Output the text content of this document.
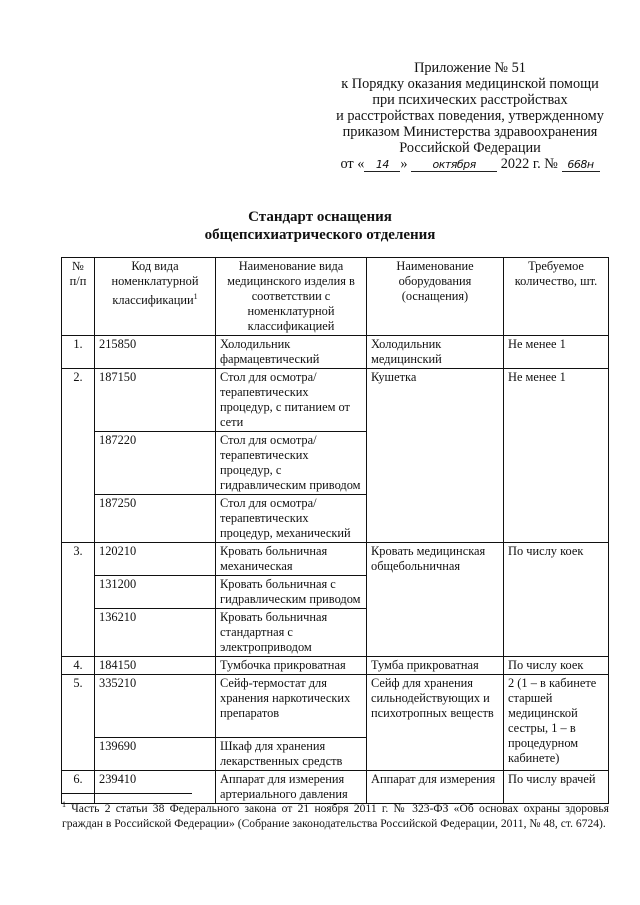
Приложение № 51
к Порядку оказания медицинской помощи
при психических расстройствах
и расстройствах поведения, утвержденному
приказом Министерства здравоохранения
Российской Федерации
от « 14 » октября 2022 г. № 668н
Стандарт оснащения
общепсихиатрического отделения
№ п/п	Код вида номенклатурной классификации$^1$	Наименование вида медицинского изделия в соответствии с номенклатурной классификацией	Наименование оборудования (оснащения)	Требуемое количество, шт.
1.	215850	Холодильник фармацевтический	Холодильник медицинский	Не менее 1
2.	187150	Стол для осмотра/терапевтических процедур, с питанием от сети	Кушетка	Не менее 1
	187220	Стол для осмотра/терапевтических процедур, с гидравлическим приводом		
	187250	Стол для осмотра/терапевтических процедур, механический		
3.	120210	Кровать больничная механическая	Кровать медицинская общебольничная	По числу коек
	131200	Кровать больничная с гидравлическим приводом		
	136210	Кровать больничная стандартная с электроприводом		
4.	184150	Тумбочка прикроватная	Тумба прикроватная	По числу коек
5.	335210	Сейф-термостат для хранения наркотических препаратов	Сейф для хранения сильнодействующих и психотропных веществ	2 (1 – в кабинете старшей медицинской сестры, 1 – в процедурном кабинете)
	139690	Шкаф для хранения лекарственных средств		
6.	239410	Аппарат для измерения артериального давления	Аппарат для измерения	По числу врачей
$^1$ Часть 2 статьи 38 Федерального закона от 21 ноября 2011 г. № 323-ФЗ «Об основах охраны здоровья граждан в Российской Федерации» (Собрание законодательства Российской Федерации, 2011, № 48, ст. 6724).
